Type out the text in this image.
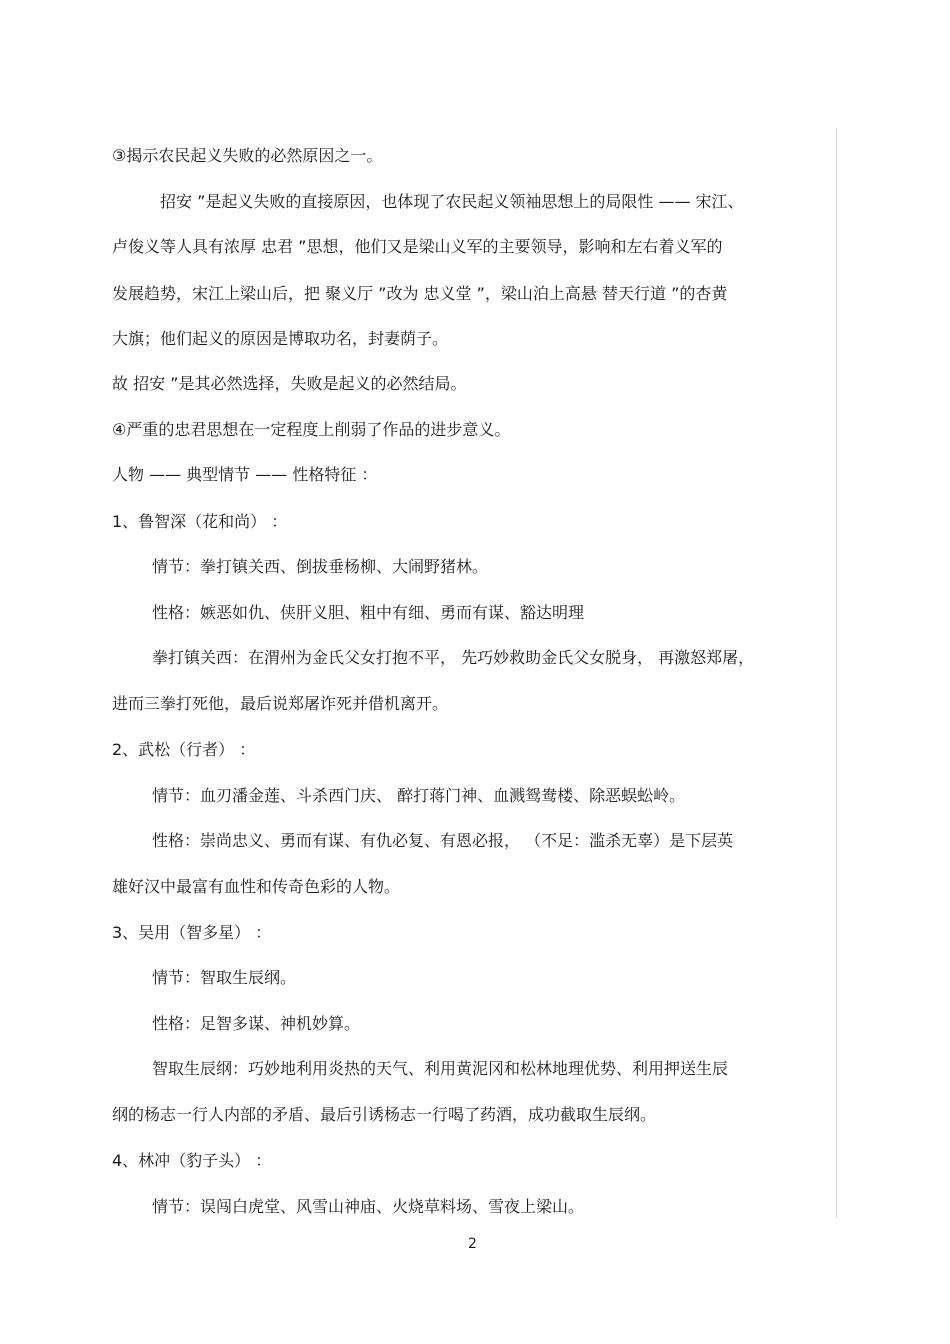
③揭示农民起义失败的必然原因之一。
招安 ”是起义失败的直接原因，也体现了农民起义领袖思想上的局限性 —— 宋江、
卢俊义等人具有浓厚 忠君 ”思想，他们又是梁山义军的主要领导，影响和左右着义军的
发展趋势，宋江上梁山后，把 聚义厅 ”改为 忠义堂 ”，梁山泊上高悬 替天行道 ”的杏黄
大旗；他们起义的原因是博取功名，封妻荫子。
故 招安 ”是其必然选择，失败是起义的必然结局。
④严重的忠君思想在一定程度上削弱了作品的进步意义。
人物 —— 典型情节 —— 性格特征 ：
1、鲁智深（花和尚） ：
情节：拳打镇关西、倒拔垂杨柳、大闹野猪林。
性格：嫉恶如仇、侠肝义胆、粗中有细、勇而有谋、豁达明理
拳打镇关西：在渭州为金氏父女打抱不平， 先巧妙救助金氏父女脱身， 再激怒郑屠，
进而三拳打死他，最后说郑屠诈死并借机离开。
2、武松（行者） ：
情节：血刃潘金莲、斗杀西门庆、 醉打蒋门神、血溅鸳鸯楼、除恶蜈蚣岭。
性格：崇尚忠义、勇而有谋、有仇必复、有恩必报， （不足：滥杀无辜）是下层英
雄好汉中最富有血性和传奇色彩的人物。
3、吴用（智多星） ：
情节：智取生辰纲。
性格：足智多谋、神机妙算。
智取生辰纲：巧妙地利用炎热的天气、利用黄泥冈和松林地理优势、利用押送生辰
纲的杨志一行人内部的矛盾、最后引诱杨志一行喝了药酒，成功截取生辰纲。
4、林冲（豹子头） ：
情节：误闯白虎堂、风雪山神庙、火烧草料场、雪夜上梁山。
2
